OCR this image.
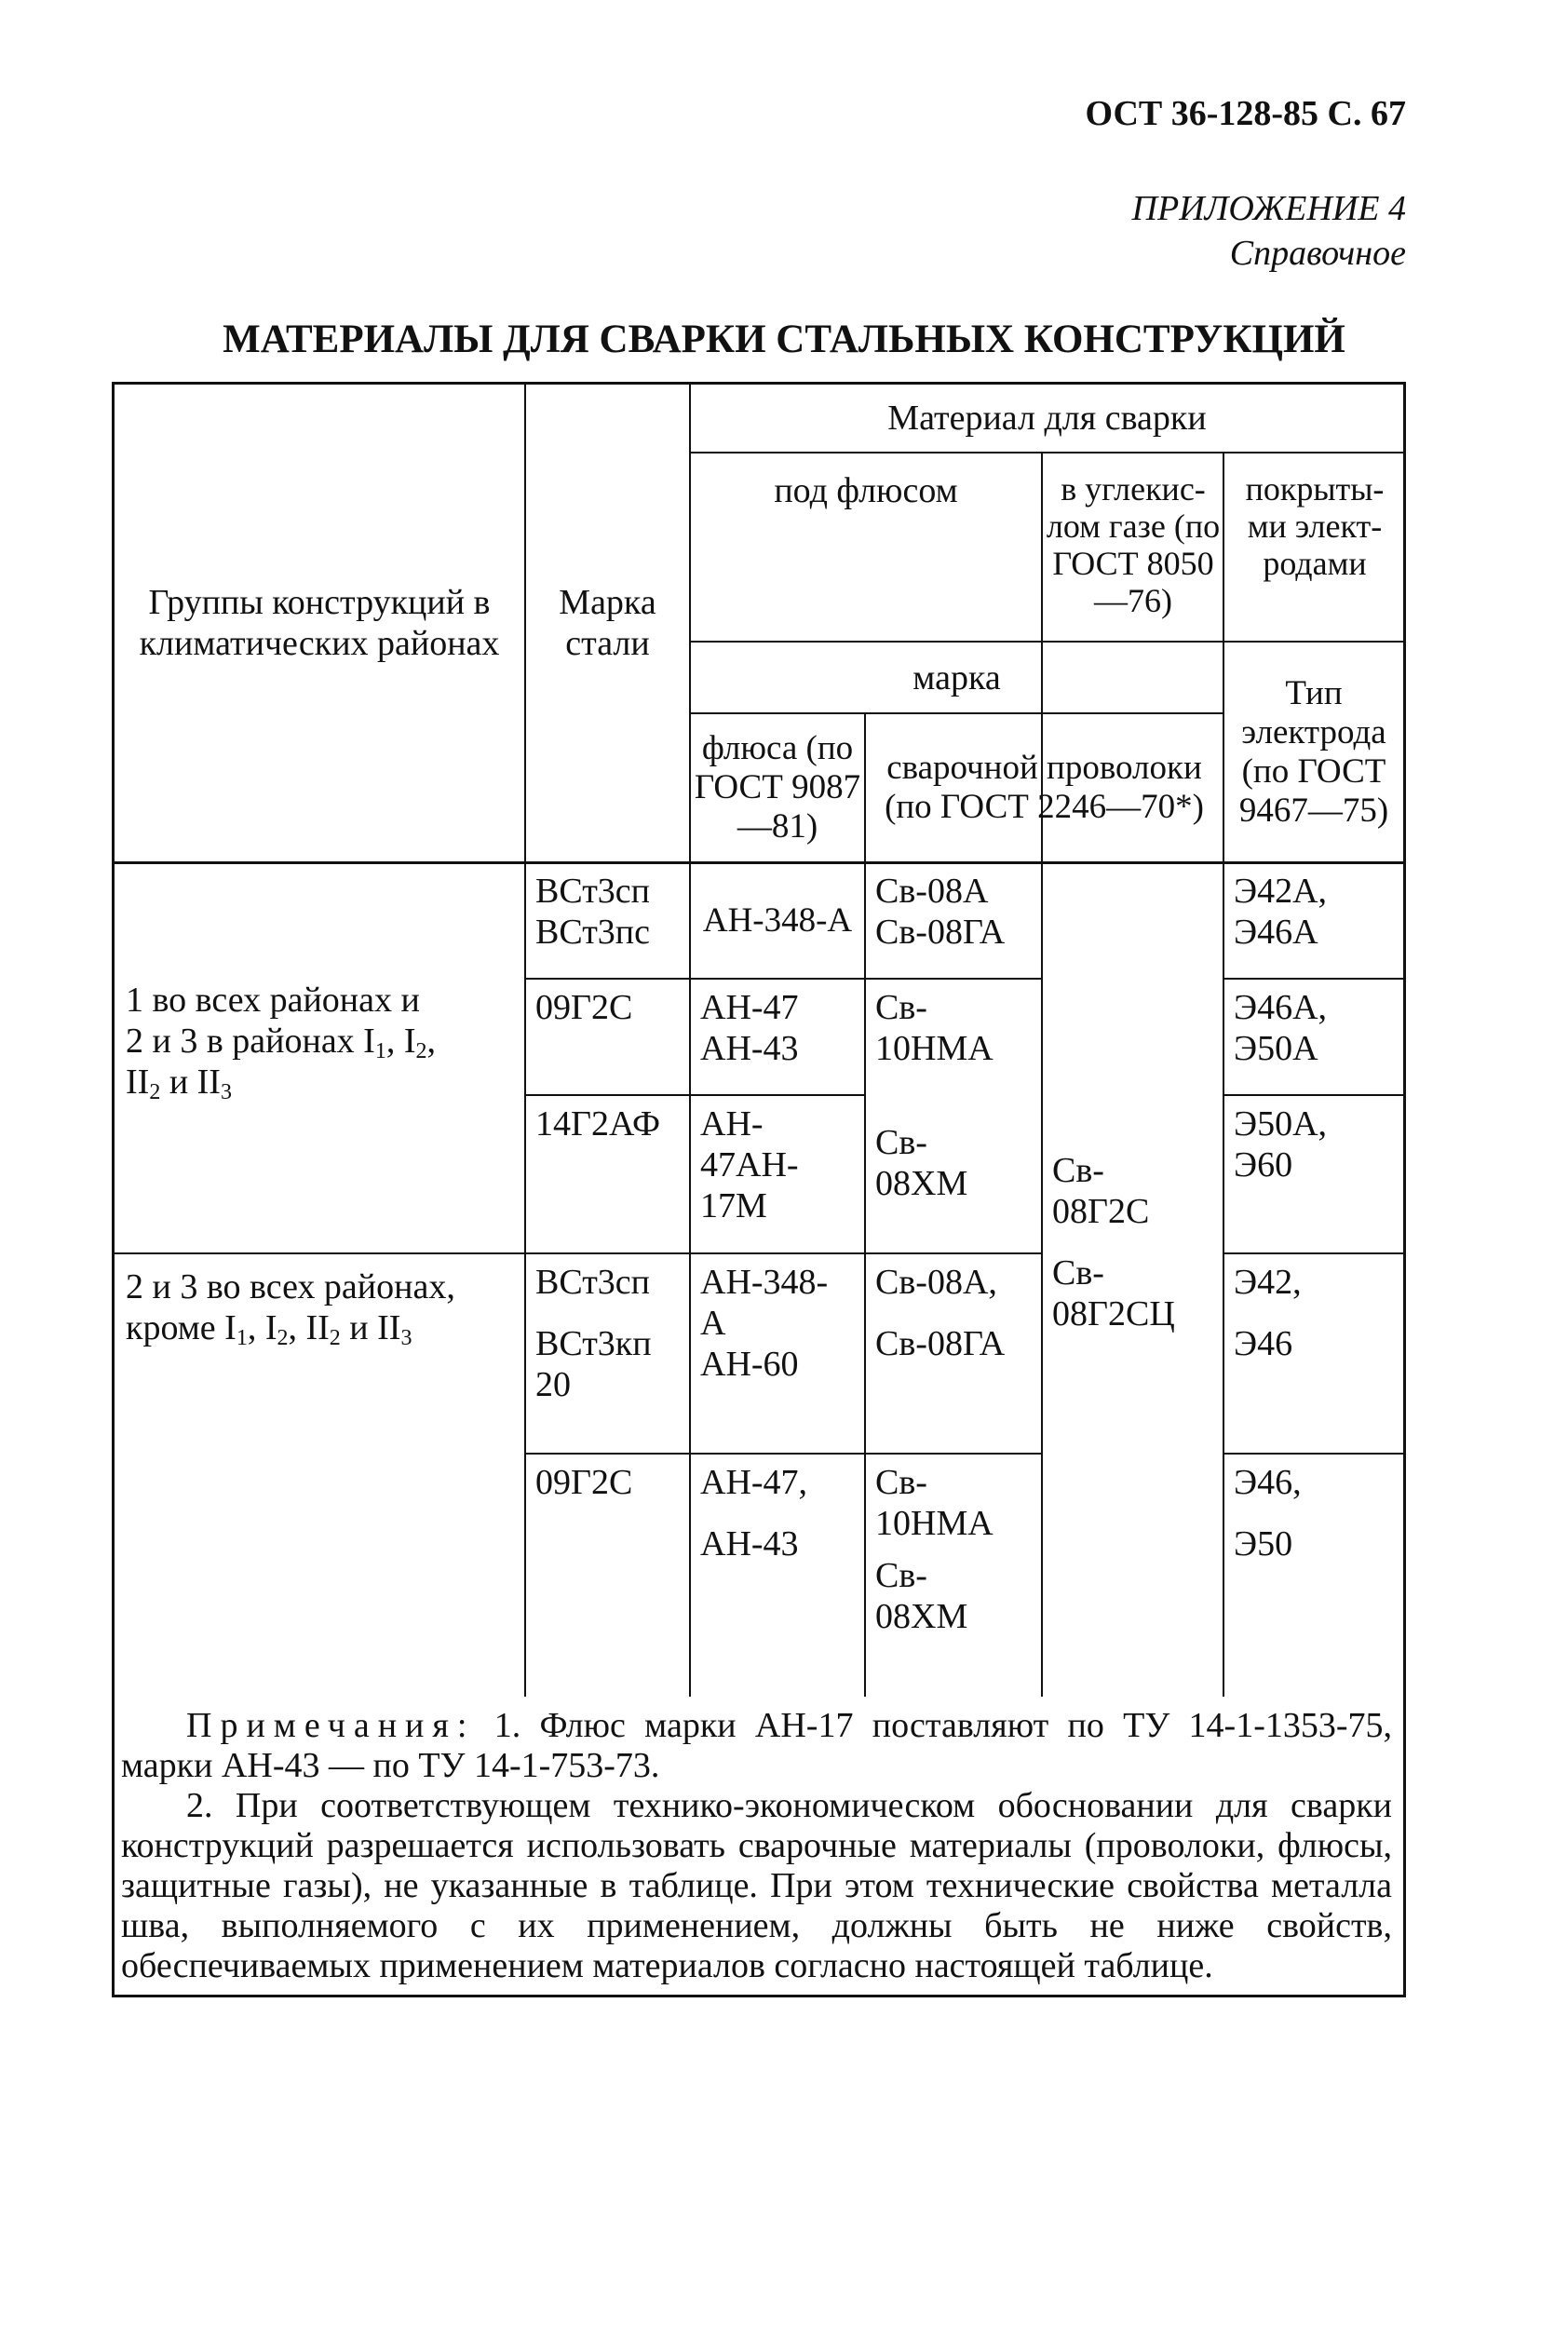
ОСТ 36-128-85 С. 67
ПРИЛОЖЕНИЕ 4
Справочное
МАТЕРИАЛЫ ДЛЯ СВАРКИ СТАЛЬНЫХ КОНСТРУКЦИЙ
Группы конструкций в климатических районах
Марка стали
Материал для сварки
под флюсом	в углекис- лом газе (по ГОСТ 8050—76)
покрыты- ми элект- родами
марка
флюса (по ГОСТ 9087—81)
сварочной проволоки (по ГОСТ 2246—70*)
Тип электрода (по ГОСТ 9467—75)
1 во всех районах и
2 и 3 в районах $I_1$, $I_2$,
$II_2$ и $II_3$
2 и 3 во всех районах,
кроме $I_1$, $I_2$, $II_2$ и $II_3$
ВСт3сп
ВСт3пс	АН-348-А
Св-08А
Св-08ГА
Э42А,
Э46А
09Г2С АН-47
АН-43
Св-
10НМА
Э46А,
Э50А
14Г2АФ АН-
47АН-
17М
Св-
08ХМ
Э50А,
Э60
Св-
08Г2С
Св-
08Г2СЦ
ВСт3сп
ВСт3кп
20
АН-348-
А
АН-60
Св-08А,
Св-08ГА
Э42,
Э46
09Г2С АН-47,
АН-43
Св-
10НМА
Св-
08ХМ
Э46,
Э50

Примечания: 1. Флюс марки АН-17 поставляют по ТУ 14-1-1353-75, марки АН-43 — по ТУ 14-1-753-73.

2. При соответствующем технико-экономическом обосновании для сварки конструкций разрешается использовать сварочные материалы (проволоки, флюсы, защитные газы), не указанные в таблице. При этом технические свойства металла шва, выполняемого с их применением, должны быть не ниже свойств, обеспечиваемых применением материалов согласно настоящей таблице.
